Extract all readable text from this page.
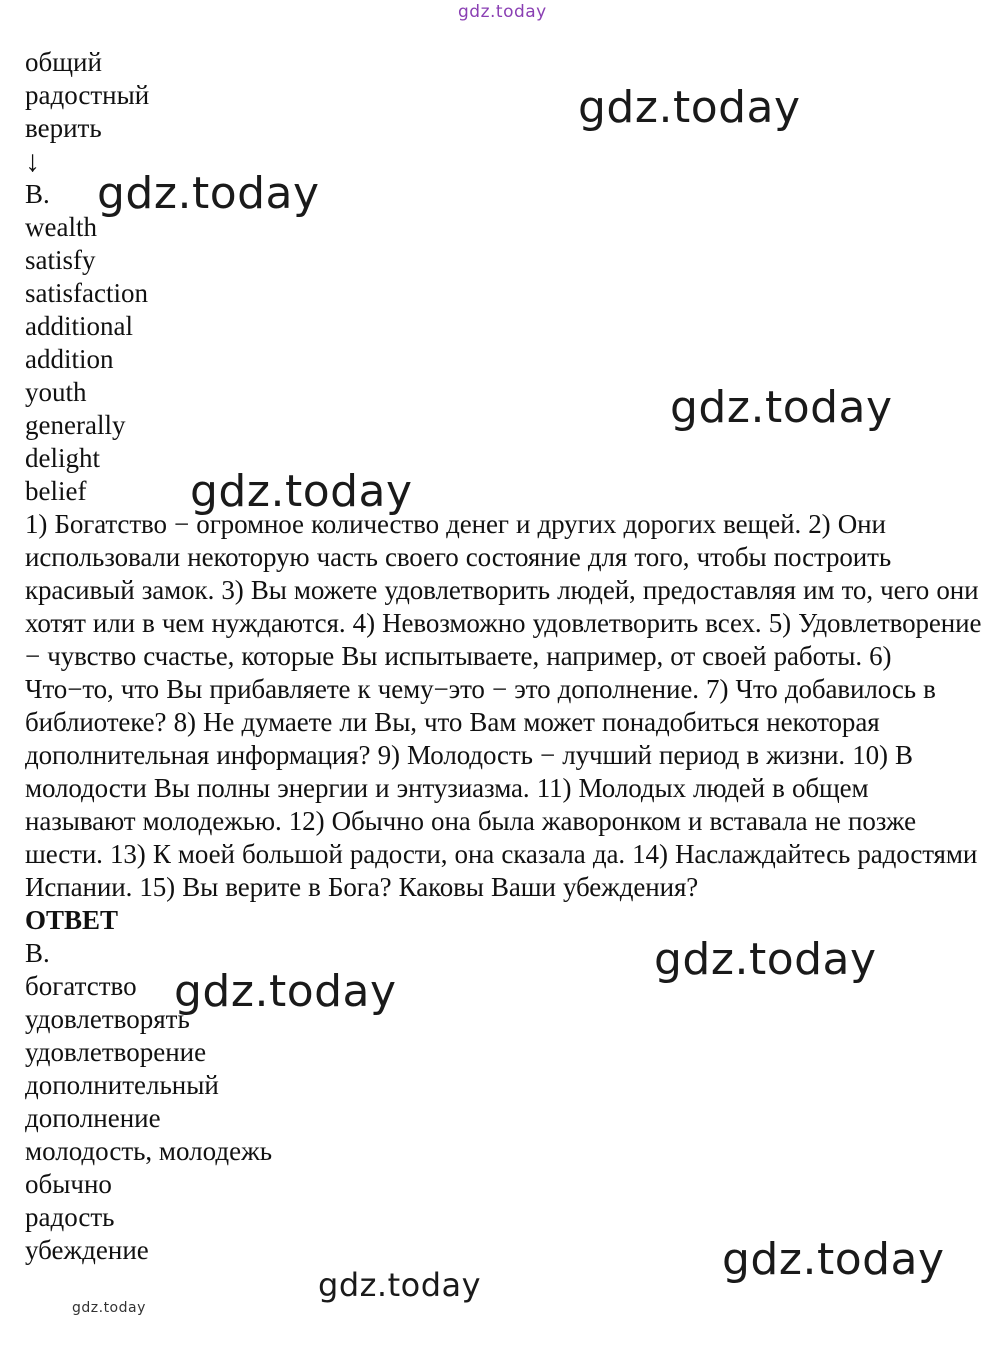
gdz.today
общий
радостный
верить
↓
B.
wealth
satisfy
satisfaction
additional
addition
youth
generally
delight
belief
1) Богатство − огромное количество денег и других дорогих вещей. 2) Они использовали некоторую часть своего состояние для того, чтобы построить красивый замок. 3) Вы можете удовлетворить людей, предоставляя им то, чего они хотят или в чем нуждаются. 4) Невозможно удовлетворить всех. 5) Удовлетворение − чувство счастье, которые Вы испытываете, например, от своей работы. 6) Что−то, что Вы прибавляете к чему−это − это дополнение. 7) Что добавилось в библиотеке? 8) Не думаете ли Вы, что Вам может понадобиться некоторая дополнительная информация? 9) Молодость − лучший период в жизни. 10) В молодости Вы полны энергии и энтузиазма. 11) Молодых людей в общем называют молодежью. 12) Обычно она была жаворонком и вставала не позже шести. 13) К моей большой радости, она сказала да. 14) Наслаждайтесь радостями Испании. 15) Вы верите в Бога? Каковы Ваши убеждения?
ОТВЕТ
B.
богатство
удовлетворять
удовлетворение
дополнительный
дополнение
молодость, молодежь
обычно
радость
убеждение
gdz.today
gdz.today
gdz.today
gdz.today
gdz.today
gdz.today
gdz.today
gdz.today
gdz.today
